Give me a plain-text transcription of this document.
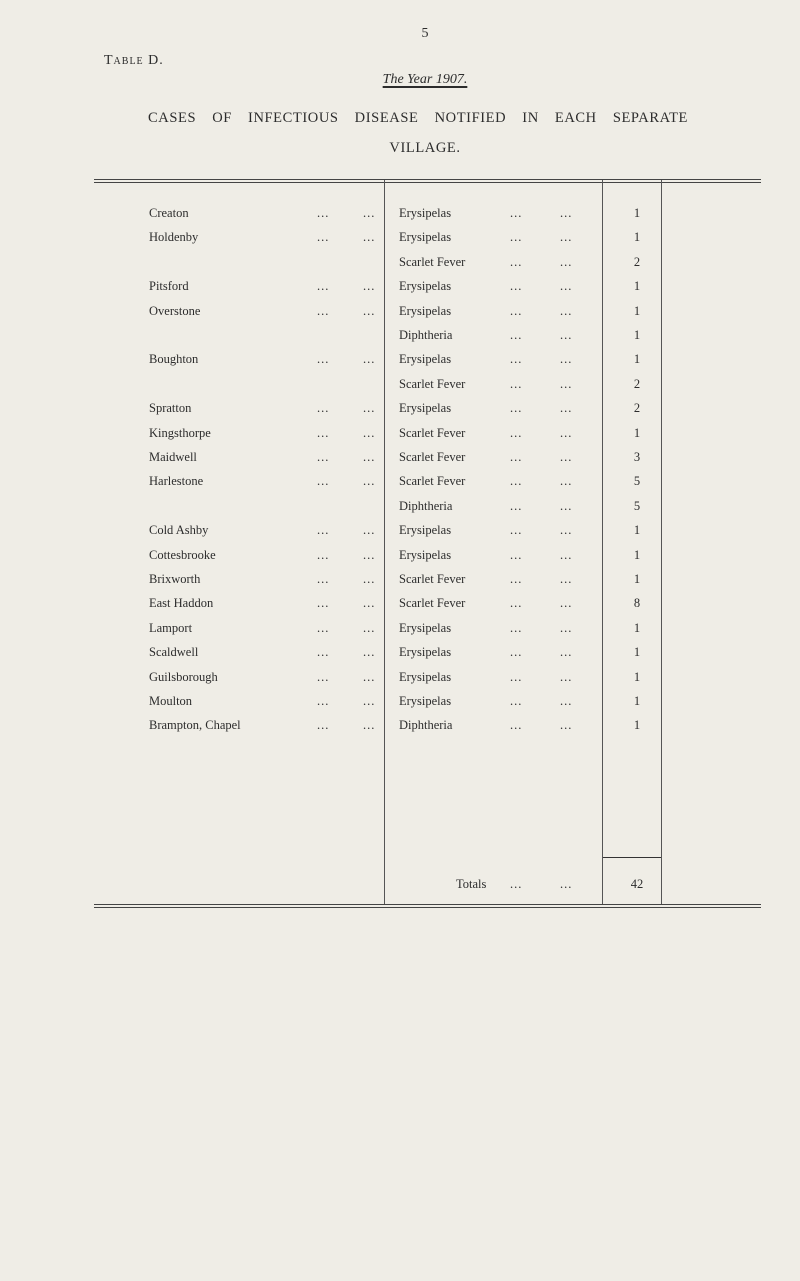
5
Table D.
The Year 1907.
CASES OF INFECTIOUS DISEASE NOTIFIED IN EACH SEPARATE
VILLAGE.
Creaton	...	... Erysipelas	...	...	1
Holdenby	...	... Erysipelas	...	...	1
Scarlet Fever	...	...	2
Pitsford	...	... Erysipelas	...	...	1
Overstone	...	... Erysipelas	...	...	1
Diphtheria	...	...	1
Boughton	...	... Erysipelas	...	...	1
Scarlet Fever	...	...	2
Spratton	...	... Erysipelas	...	...	2
Kingsthorpe	...	... Scarlet Fever	...	...	1
Maidwell	...	... Scarlet Fever	...	...	3
Harlestone	...	... Scarlet Fever	...	...	5
Diphtheria	...	...	5
Cold Ashby	...	... Erysipelas	...	...	1
Cottesbrooke	...	... Erysipelas	...	...	1
Brixworth	...	... Scarlet Fever	...	...	1
East Haddon	...	... Scarlet Fever	...	...	8
Lamport	...	... Erysipelas	...	...	1
Scaldwell	...	... Erysipelas	...	...	1
Guilsborough	...	... Erysipelas	...	...	1
Moulton	...	... Erysipelas	...	...	1
Brampton, Chapel	...	... Diphtheria	...	...	1
Totals ...	...	42
